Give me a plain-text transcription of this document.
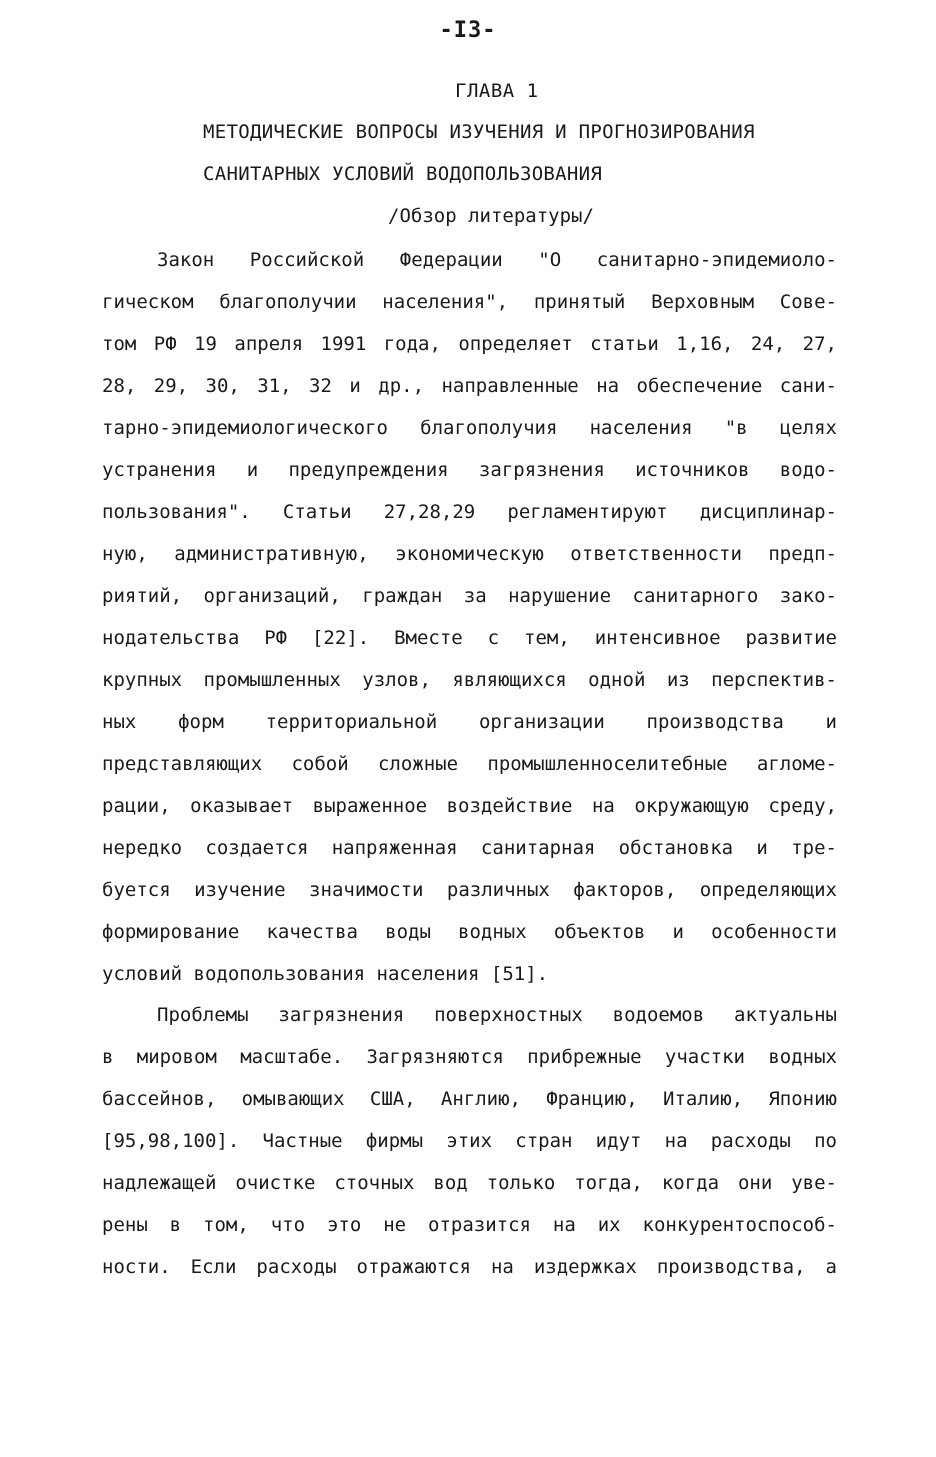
-I3-
ГЛАВА 1
МЕТОДИЧЕСКИЕ ВОПРОСЫ ИЗУЧЕНИЯ И ПРОГНОЗИРОВАНИЯ
САНИТАРНЫХ УСЛОВИЙ ВОДОПОЛЬЗОВАНИЯ
/Обзор литературы/
Закон Российской Федерации "О санитарно-эпидемиоло-
гическом благополучии населения", принятый Верховным Сове-
том РФ 19 апреля 1991 года, определяет статьи 1,16, 24, 27,
28, 29, 30, 31, 32 и др., направленные на обеспечение сани-
тарно-эпидемиологического благополучия населения "в целях
устранения и предупреждения загрязнения источников водо-
пользования". Статьи 27,28,29 регламентируют дисциплинар-
ную, административную, экономическую ответственности предп-
риятий, организаций, граждан за нарушение санитарного зако-
нодательства РФ [22]. Вместе с тем, интенсивное развитие
крупных промышленных узлов, являющихся одной из перспектив-
ных форм территориальной организации производства и
представляющих собой сложные промышленноселитебные агломе-
рации, оказывает выраженное воздействие на окружающую среду,
нередко создается напряженная санитарная обстановка и тре-
буется изучение значимости различных факторов, определяющих
формирование качества воды водных объектов и особенности
условий водопользования населения [51].
Проблемы загрязнения поверхностных водоемов актуальны
в мировом масштабе. Загрязняются прибрежные участки водных
бассейнов, омывающих США, Англию, Францию, Италию, Японию
[95,98,100]. Частные фирмы этих стран идут на расходы по
надлежащей очистке сточных вод только тогда, когда они уве-
рены в том, что это не отразится на их конкурентоспособ-
ности. Если расходы отражаются на издержках производства, а
